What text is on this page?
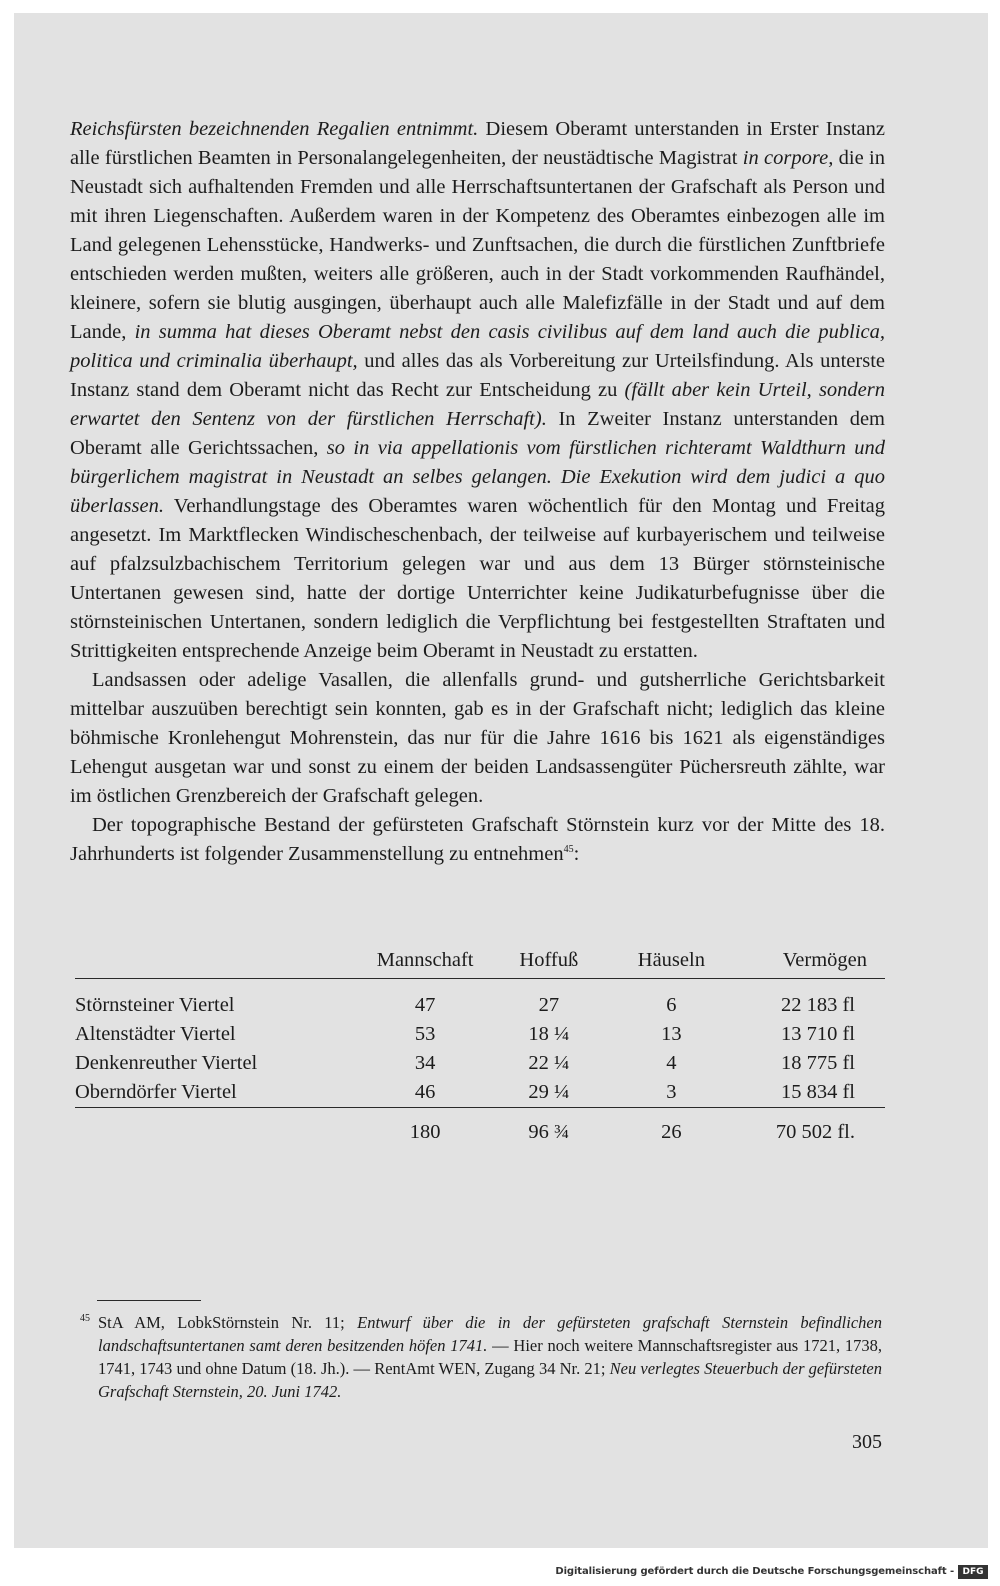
Reichsfürsten bezeichnenden Regalien entnimmt. Diesem Oberamt unterstanden in Erster Instanz alle fürstlichen Beamten in Personalangelegenheiten, der neustädtische Magistrat in corpore, die in Neustadt sich aufhaltenden Fremden und alle Herrschaftsuntertanen der Grafschaft als Person und mit ihren Liegenschaften. Außerdem waren in der Kompetenz des Oberamtes einbezogen alle im Land gelegenen Lehensstücke, Handwerks- und Zunftsachen, die durch die fürstlichen Zunftbriefe entschieden werden mußten, weiters alle größeren, auch in der Stadt vorkommenden Raufhändel, kleinere, sofern sie blutig ausgingen, überhaupt auch alle Malefizfälle in der Stadt und auf dem Lande, in summa hat dieses Oberamt nebst den casis civilibus auf dem land auch die publica, politica und criminalia überhaupt, und alles das als Vorbereitung zur Urteilsfindung. Als unterste Instanz stand dem Oberamt nicht das Recht zur Entscheidung zu (fällt aber kein Urteil, sondern erwartet den Sentenz von der fürstlichen Herrschaft). In Zweiter Instanz unterstanden dem Oberamt alle Gerichtssachen, so in via appellationis vom fürstlichen richteramt Waldthurn und bürgerlichem magistrat in Neustadt an selbes gelangen. Die Exekution wird dem judici a quo überlassen. Verhandlungstage des Oberamtes waren wöchentlich für den Montag und Freitag angesetzt. Im Marktflecken Windischeschenbach, der teilweise auf kurbayerischem und teilweise auf pfalzsulzbachischem Territorium gelegen war und aus dem 13 Bürger störnsteinische Untertanen gewesen sind, hatte der dortige Unterrichter keine Judikaturbefugnisse über die störnsteinischen Untertanen, sondern lediglich die Verpflichtung bei festgestellten Straftaten und Strittigkeiten entsprechende Anzeige beim Oberamt in Neustadt zu erstatten.

Landsassen oder adelige Vasallen, die allenfalls grund- und gutsherrliche Gerichtsbarkeit mittelbar auszuüben berechtigt sein konnten, gab es in der Grafschaft nicht; lediglich das kleine böhmische Kronlehengut Mohrenstein, das nur für die Jahre 1616 bis 1621 als eigenständiges Lehengut ausgetan war und sonst zu einem der beiden Landsassengüter Püchersreuth zählte, war im östlichen Grenzbereich der Grafschaft gelegen.

Der topographische Bestand der gefürsteten Grafschaft Störnstein kurz vor der Mitte des 18. Jahrhunderts ist folgender Zusammenstellung zu entnehmen$^{45}$:

	Mannschaft	Hoffuß	Häuseln	Vermögen
Störnsteiner Viertel	47	27	6	22 183 fl
Altenstädter Viertel	53	18 ¼	13	13 710 fl
Denkenreuther Viertel	34	22 ¼	4	18 775 fl
Oberndörfer Viertel	46	29 ¼	3	15 834 fl
	180	96 ¾	26	70 502 fl.
45 StA AM, LobkStörnstein Nr. 11; Entwurf über die in der gefürsteten grafschaft Sternstein befindlichen landschaftsuntertanen samt deren besitzenden höfen 1741. — Hier noch weitere Mannschaftsregister aus 1721, 1738, 1741, 1743 und ohne Datum (18. Jh.). — RentAmt WEN, Zugang 34 Nr. 21; Neu verlegtes Steuerbuch der gefürsteten Grafschaft Sternstein, 20. Juni 1742.
305
Digitalisierung gefördert durch die Deutsche Forschungsgemeinschaft - DFG
